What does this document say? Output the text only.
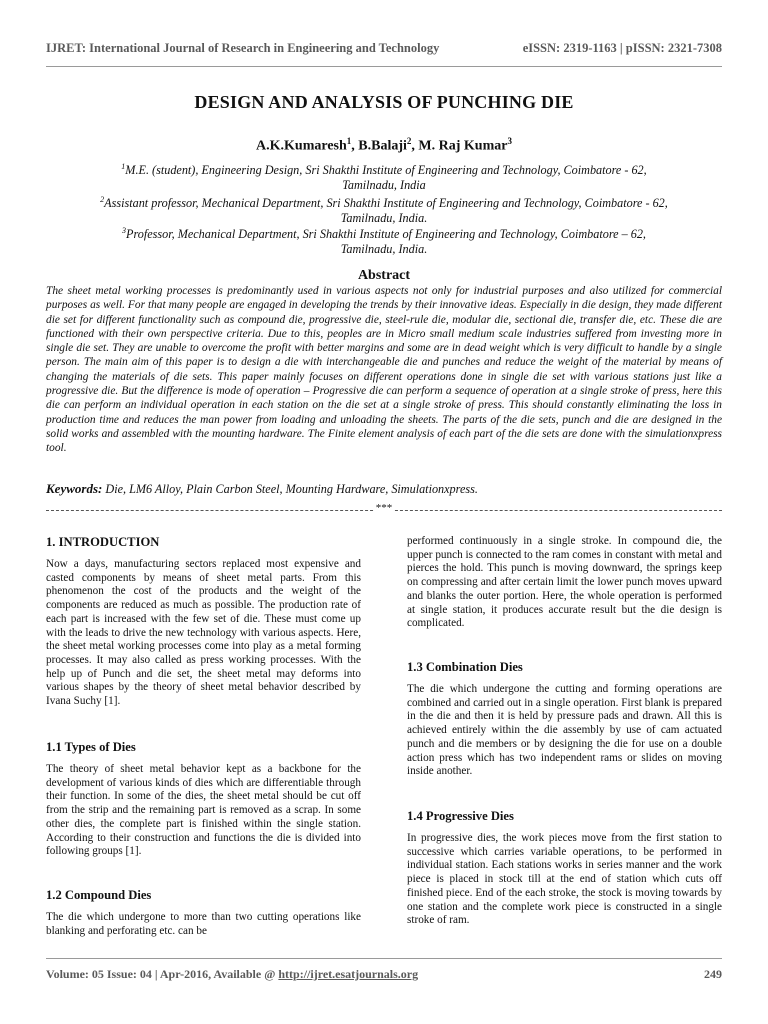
IJRET: International Journal of Research in Engineering and Technology	eISSN: 2319-1163 | pISSN: 2321-7308
DESIGN AND ANALYSIS OF PUNCHING DIE
A.K.Kumaresh$^1$, B.Balaji$^2$, M. Raj Kumar$^3$
$^1$M.E. (student), Engineering Design, Sri Shakthi Institute of Engineering and Technology, Coimbatore - 62,
Tamilnadu, India
$^2$Assistant professor, Mechanical Department, Sri Shakthi Institute of Engineering and Technology, Coimbatore - 62,
Tamilnadu, India.
$^3$Professor, Mechanical Department, Sri Shakthi Institute of Engineering and Technology, Coimbatore – 62,
Tamilnadu, India.
Abstract
The sheet metal working processes is predominantly used in various aspects not only for industrial purposes and also utilized for commercial purposes as well. For that many people are engaged in developing the trends by their innovative ideas. Especially in die design, they made different die set for different functionality such as compound die, progressive die, steel-rule die, modular die, sectional die, transfer die, etc. These die are functioned with their own perspective criteria. Due to this, peoples are in Micro small medium scale industries suffered from investing more in single die set. They are unable to overcome the profit with better margins and some are in dead weight which is very difficult to handle by a single person. The main aim of this paper is to design a die with interchangeable die and punches and reduce the weight of the material by means of changing the materials of die sets. This paper mainly focuses on different operations done in single die set with various stations just like a progressive die. But the difference is mode of operation – Progressive die can perform a sequence of operation at a single stroke of press, here this die can perform an individual operation in each station on the die set at a single stroke of press. This should constantly eliminating the loss in production time and reduces the man power from loading and unloading the sheets. The parts of the die sets, punch and die are designed in the solid works and assembled with the mounting hardware. The Finite element analysis of each part of the die sets are done with the simulationxpress tool.
Keywords: Die, LM6 Alloy, Plain Carbon Steel, Mounting Hardware, Simulationxpress.
***
1. INTRODUCTION
Now a days, manufacturing sectors replaced most expensive and casted components by means of sheet metal parts. From this phenomenon the cost of the products and the weight of the components are reduced as much as possible. The production rate of each part is increased with the few set of die. These must come up with the leads to drive the new technology with various aspects. Here, the sheet metal working processes come into play as a metal forming processes. It may also called as press working processes. With the help up of Punch and die set, the sheet metal may deforms into various shapes by the theory of sheet metal behavior described by Ivana Suchy [1].
1.1 Types of Dies
The theory of sheet metal behavior kept as a backbone for the development of various kinds of dies which are differentiable through their function. In some of the dies, the sheet metal should be cut off from the strip and the remaining part is removed as a scrap. In some other dies, the complete part is finished within the single station. According to their construction and functions the die is divided into following groups [1].
1.2 Compound Dies
The die which undergone to more than two cutting operations like blanking and perforating etc. can be
performed continuously in a single stroke. In compound die, the upper punch is connected to the ram comes in constant with metal and pierces the hold. This punch is moving downward, the springs keep on compressing and after certain limit the lower punch moves upward and blanks the outer portion. Here, the whole operation is performed at single station, it produces accurate result but the die design is complicated.
1.3 Combination Dies
The die which undergone the cutting and forming operations are combined and carried out in a single operation. First blank is prepared in the die and then it is held by pressure pads and drawn. All this is achieved entirely within the die assembly by use of cam actuated punch and die members or by designing the die for use on a double action press which has two independent rams or slides on moving inside another.
1.4 Progressive Dies
In progressive dies, the work pieces move from the first station to successive which carries variable operations, to be performed in individual station. Each stations works in series manner and the work piece is placed in stock till at the end of station which cuts off finished piece. End of the each stroke, the stock is moving towards by one station and the complete work piece is constructed in a single stroke of ram.
Volume: 05 Issue: 04 | Apr-2016, Available @ http://ijret.esatjournals.org	249
